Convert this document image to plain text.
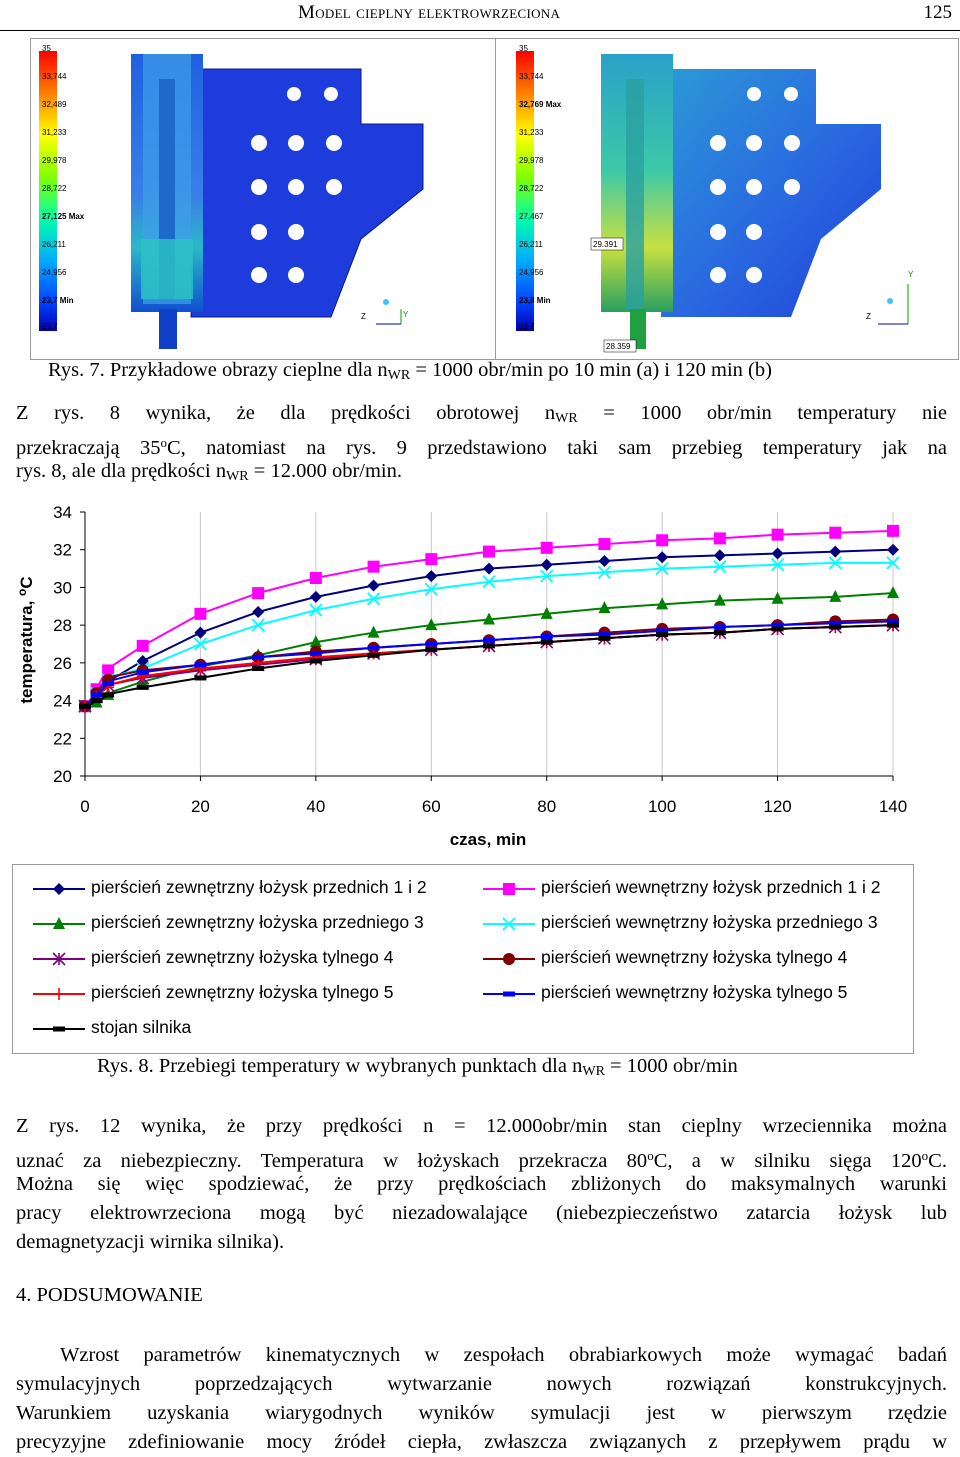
Model cieplny elektrowrzeciona	125
35
33,744
32,489
31,233
29,978
28,722
27,125 Max
26,211
24,956
23,7 Min
23,7
Y
Z
35
33,744
32,769 Max
31,233
29,978
28,722
27,467
26,211
24,956
23,8 Min
23,7
29.391
28.359
Y
Z
Rys. 7. Przykładowe obrazy cieplne dla $n_{WR} = 1000$ obr/min po 10 min (a) i 120 min (b)
Z rys. 8 wynika, że dla prędkości obrotowej $n_{WR} = 1000$ obr/min temperatury nie
przekraczają 35$^o$C, natomiast na rys. 9 przedstawiono taki sam przebieg temperatury jak na
rys. 8, ale dla prędkości $n_{WR} = 12.000$ obr/min.
0	20	40	60	80	100	120	140
20
22
24
26
28
30
32
34
czas, min
temperatura, $^o$C
pierścień zewnętrzny łożysk przednich 1 i 2	pierścień wewnętrzny łożysk przednich 1 i 2
pierścień zewnętrzny łożyska przedniego 3	pierścień wewnętrzny łożyska przedniego 3
pierścień zewnętrzny łożyska tylnego 4	pierścień wewnętrzny łożyska tylnego 4
pierścień zewnętrzny łożyska tylnego 5	pierścień wewnętrzny łożyska tylnego 5
stojan silnika
Rys. 8. Przebiegi temperatury w wybranych punktach dla $n_{WR} = 1000$ obr/min
Z rys. 12 wynika, że przy prędkości n = 12.000obr/min stan cieplny wrzeciennika można
uznać za niebezpieczny. Temperatura w łożyskach przekracza 80$^o$C, a w silniku sięga 120$^o$C.
Można się więc spodziewać, że przy prędkościach zbliżonych do maksymalnych warunki
pracy elektrowrzeciona mogą być niezadowalające (niebezpieczeństwo zatarcia łożysk lub
demagnetyzacji wirnika silnika).
4. PODSUMOWANIE
Wzrost parametrów kinematycznych w zespołach obrabiarkowych może wymagać badań
symulacyjnych poprzedzających wytwarzanie nowych rozwiązań konstrukcyjnych.
Warunkiem uzyskania wiarygodnych wyników symulacji jest w pierwszym rzędzie
precyzyjne zdefiniowanie mocy źródeł ciepła, zwłaszcza związanych z przepływem prądu w
